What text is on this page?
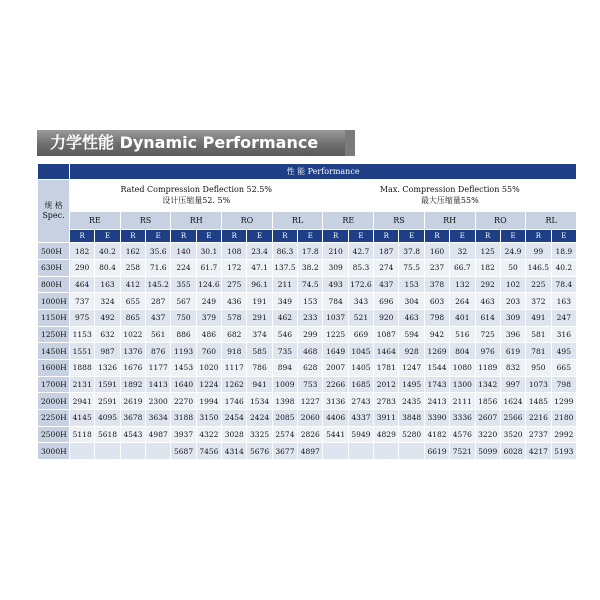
力学性能 Dynamic Performance
	性 能 Performance																			

规 格
Spec.	Rated Compression Deflection 52.5%
设计压缩量52. 5%										Max. Compression Deflection 55%
最大压缩量55%									

	RE		RS		RH		RO		RL		RE		RS		RH		RO		RL	
	R	E	R	E	R	E	R	E	R	E	R	E	R	E	R	E	R	E	R	E
500H	182	40.2	162	35.6	140	30.1	108	23.4	86.3	17.8	210	42.7	187	37.8	160	32	125	24.9	99	18.9
630H	290	80.4	258	71.6	224	61.7	172	47.1	137.5	38.2	309	85.3	274	75.5	237	66.7	182	50	146.5	40.2
800H	464	163	412	145.2	355	124.6	275	96.1	211	74.5	493	172.6	437	153	378	132	292	102	225	78.4
1000H	737	324	655	287	567	249	436	191	349	153	784	343	696	304	603	264	463	203	372	163
1150H	975	492	865	437	750	379	578	291	462	233	1037	521	920	463	798	401	614	309	491	247
1250H	1153	632	1022	561	886	486	682	374	546	299	1225	669	1087	594	942	516	725	396	581	316
1450H	1551	987	1376	876	1193	760	918	585	735	468	1649	1045	1464	928	1269	804	976	619	781	495
1600H	1888	1326	1676	1177	1453	1020	1117	786	894	628	2007	1405	1781	1247	1544	1080	1189	832	950	665
1700H	2131	1591	1892	1413	1640	1224	1262	941	1009	753	2266	1685	2012	1495	1743	1300	1342	997	1073	798
2000H	2941	2591	2619	2300	2270	1994	1746	1534	1398	1227	3136	2743	2783	2435	2413	2111	1856	1624	1485	1299
2250H	4145	4095	3678	3634	3188	3150	2454	2424	2085	2060	4406	4337	3911	3848	3390	3336	2607	2566	2216	2180
2500H	5118	5618	4543	4987	3937	4322	3028	3325	2574	2826	5441	5949	4829	5280	4182	4576	3220	3520	2737	2992
3000H					5687	7456	4314	5676	3677	4897					6619	7521	5099	6028	4217	5193
